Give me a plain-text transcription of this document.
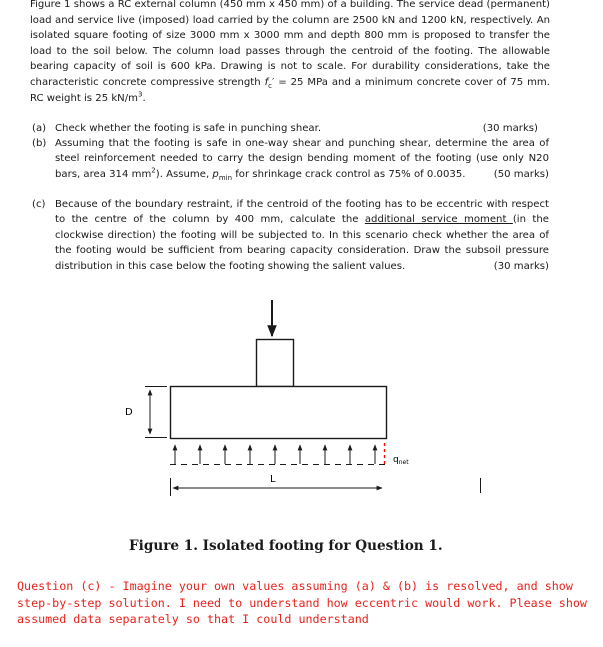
Figure 1 shows a RC external column (450 mm x 450 mm) of a building. The service dead (permanent) load and service live (imposed) load carried by the column are 2500 kN and 1200 kN, respectively. An isolated square footing of size 3000 mm x 3000 mm and depth 800 mm is proposed to transfer the load to the soil below. The column load passes through the centroid of the footing. The allowable bearing capacity of soil is 600 kPa. Drawing is not to scale. For durability considerations, take the characteristic concrete compressive strength $f_c' = 25$ MPa and a minimum concrete cover of 75 mm. RC weight is 25 $kN/m^3$.
(a)	(30 marks)
Check whether the footing is safe in punching shear.
(b) Assuming that the footing is safe in one-way shear and punching shear, determine the area of steel reinforcement needed to carry the design bending moment of the footing (use only N20 bars, area 314 $mm^2$). Assume, $p_{min}$ for shrinkage crack control as 75% of 0.0035.	(50 marks)
(c) Because of the boundary restraint, if the centroid of the footing has to be eccentric with respect to the centre of the column by 400 mm, calculate the additional service moment (in the clockwise direction) the footing will be subjected to. In this scenario check whether the area of the footing would be sufficient from bearing capacity consideration. Draw the subsoil pressure distribution in this case below the footing showing the salient values.	(30 marks)
D
$q_{net}$
L
Figure 1. Isolated footing for Question 1.
Question (c) - Imagine your own values assuming (a) & (b) is resolved, and show step-by-step solution. I need to understand how eccentric would work. Please show assumed data separately so that I could understand
